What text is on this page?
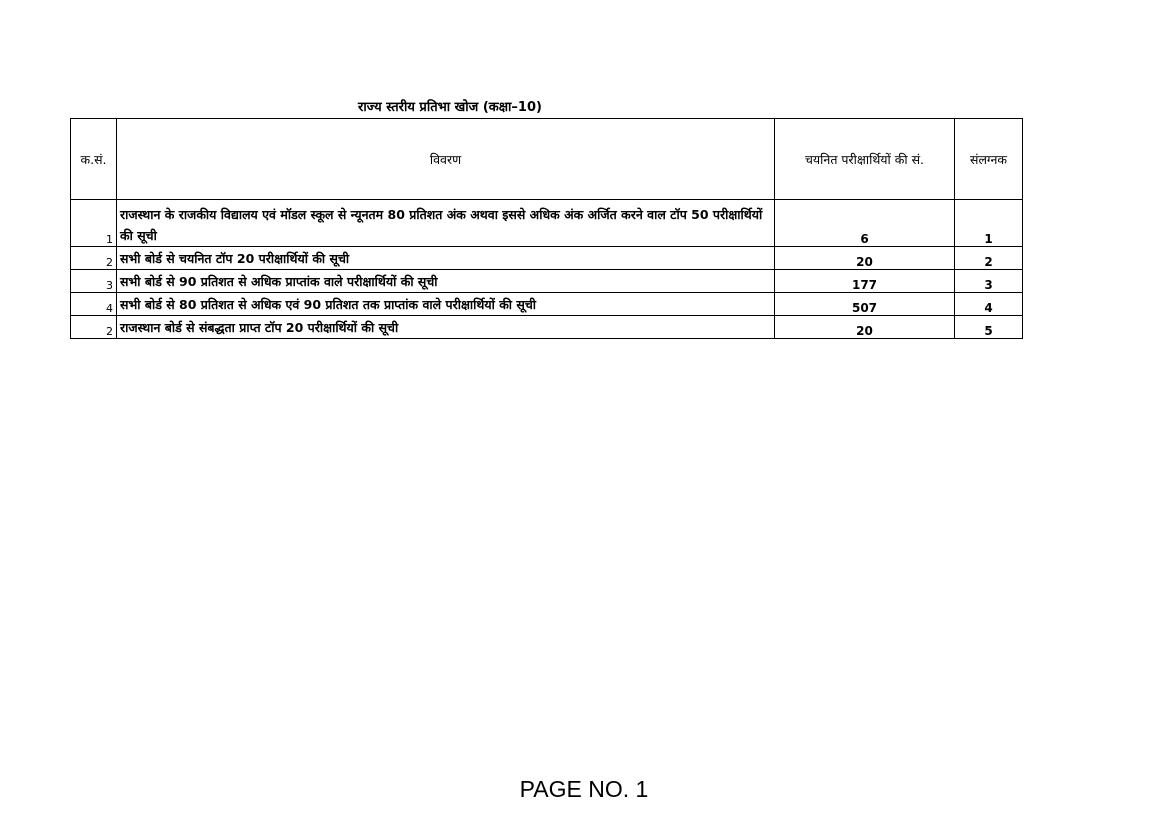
राज्य स्तरीय प्रतिभा खोज (कक्षा–10)
क.सं.	विवरण	चयनित परीक्षार्थियों की सं.	संलग्नक
1	राजस्थान के राजकीय विद्यालय एवं मॉडल स्कूल से न्यूनतम 80 प्रतिशत अंक अथवा इससे अधिक अंक अर्जित करने वाल टॉप 50 परीक्षार्थियों की सूची	6	1
2	सभी बोर्ड से चयनित टॉप 20 परीक्षार्थियों की सूची	20	2
3	सभी बोर्ड से 90 प्रतिशत से अधिक प्राप्तांक वाले परीक्षार्थियों की सूची	177	3
4	सभी बोर्ड से 80 प्रतिशत से अधिक एवं 90 प्रतिशत तक प्राप्तांक वाले परीक्षार्थियों की सूची	507	4
2	राजस्थान बोर्ड से संबद्धता प्राप्त टॉप 20 परीक्षार्थियों की सूची	20	5
PAGE NO. 1
